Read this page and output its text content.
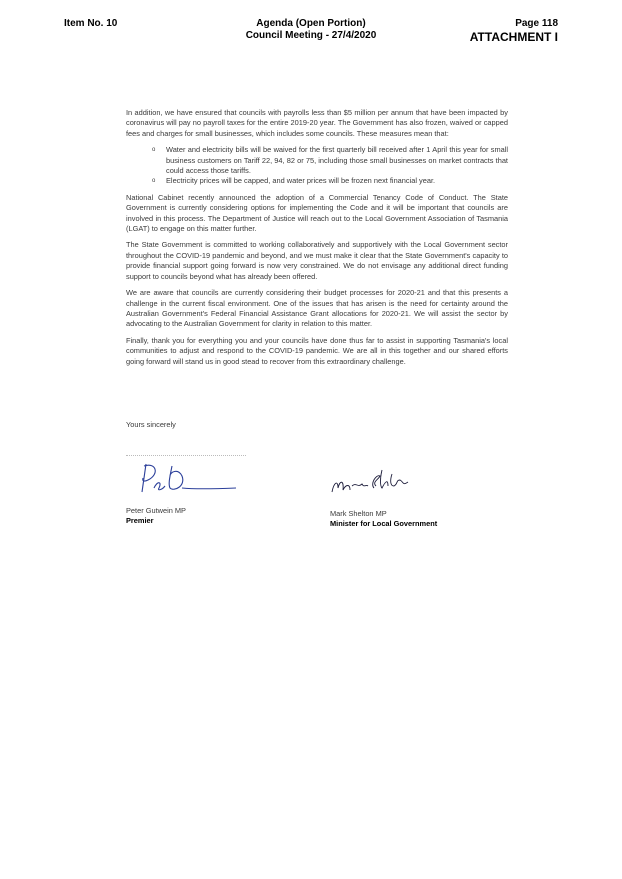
Item No. 10	Agenda (Open Portion)
Council Meeting - 27/4/2020
Page 118
ATTACHMENT I

In addition, we have ensured that councils with payrolls less than $5 million per annum that have been impacted by coronavirus will pay no payroll taxes for the entire 2019-20 year. The Government has also frozen, waived or capped fees and charges for small businesses, which includes some councils. These measures mean that:

o Water and electricity bills will be waived for the first quarterly bill received after 1 April this year for small business customers on Tariff 22, 94, 82 or 75, including those small businesses on market contracts that could access those tariffs.
o Electricity prices will be capped, and water prices will be frozen next financial year.

National Cabinet recently announced the adoption of a Commercial Tenancy Code of Conduct. The State Government is currently considering options for implementing the Code and it will be important that councils are involved in this process. The Department of Justice will reach out to the Local Government Association of Tasmania (LGAT) to engage on this matter further.

The State Government is committed to working collaboratively and supportively with the Local Government sector throughout the COVID-19 pandemic and beyond, and we must make it clear that the State Government's capacity to provide financial support going forward is now very constrained. We do not envisage any additional direct funding support to councils beyond what has already been offered.

We are aware that councils are currently considering their budget processes for 2020-21 and that this presents a challenge in the current fiscal environment. One of the issues that has arisen is the need for certainty around the Australian Government's Federal Financial Assistance Grant allocations for 2020-21. We will assist the sector by advocating to the Australian Government for clarity in relation to this matter.

Finally, thank you for everything you and your councils have done thus far to assist in supporting Tasmania's local communities to adjust and respond to the COVID-19 pandemic. We are all in this together and our shared efforts going forward will stand us in good stead to recover from this extraordinary challenge.

Yours sincerely
Peter Gutwein MP
Premier
Mark Shelton MP
Minister for Local Government
